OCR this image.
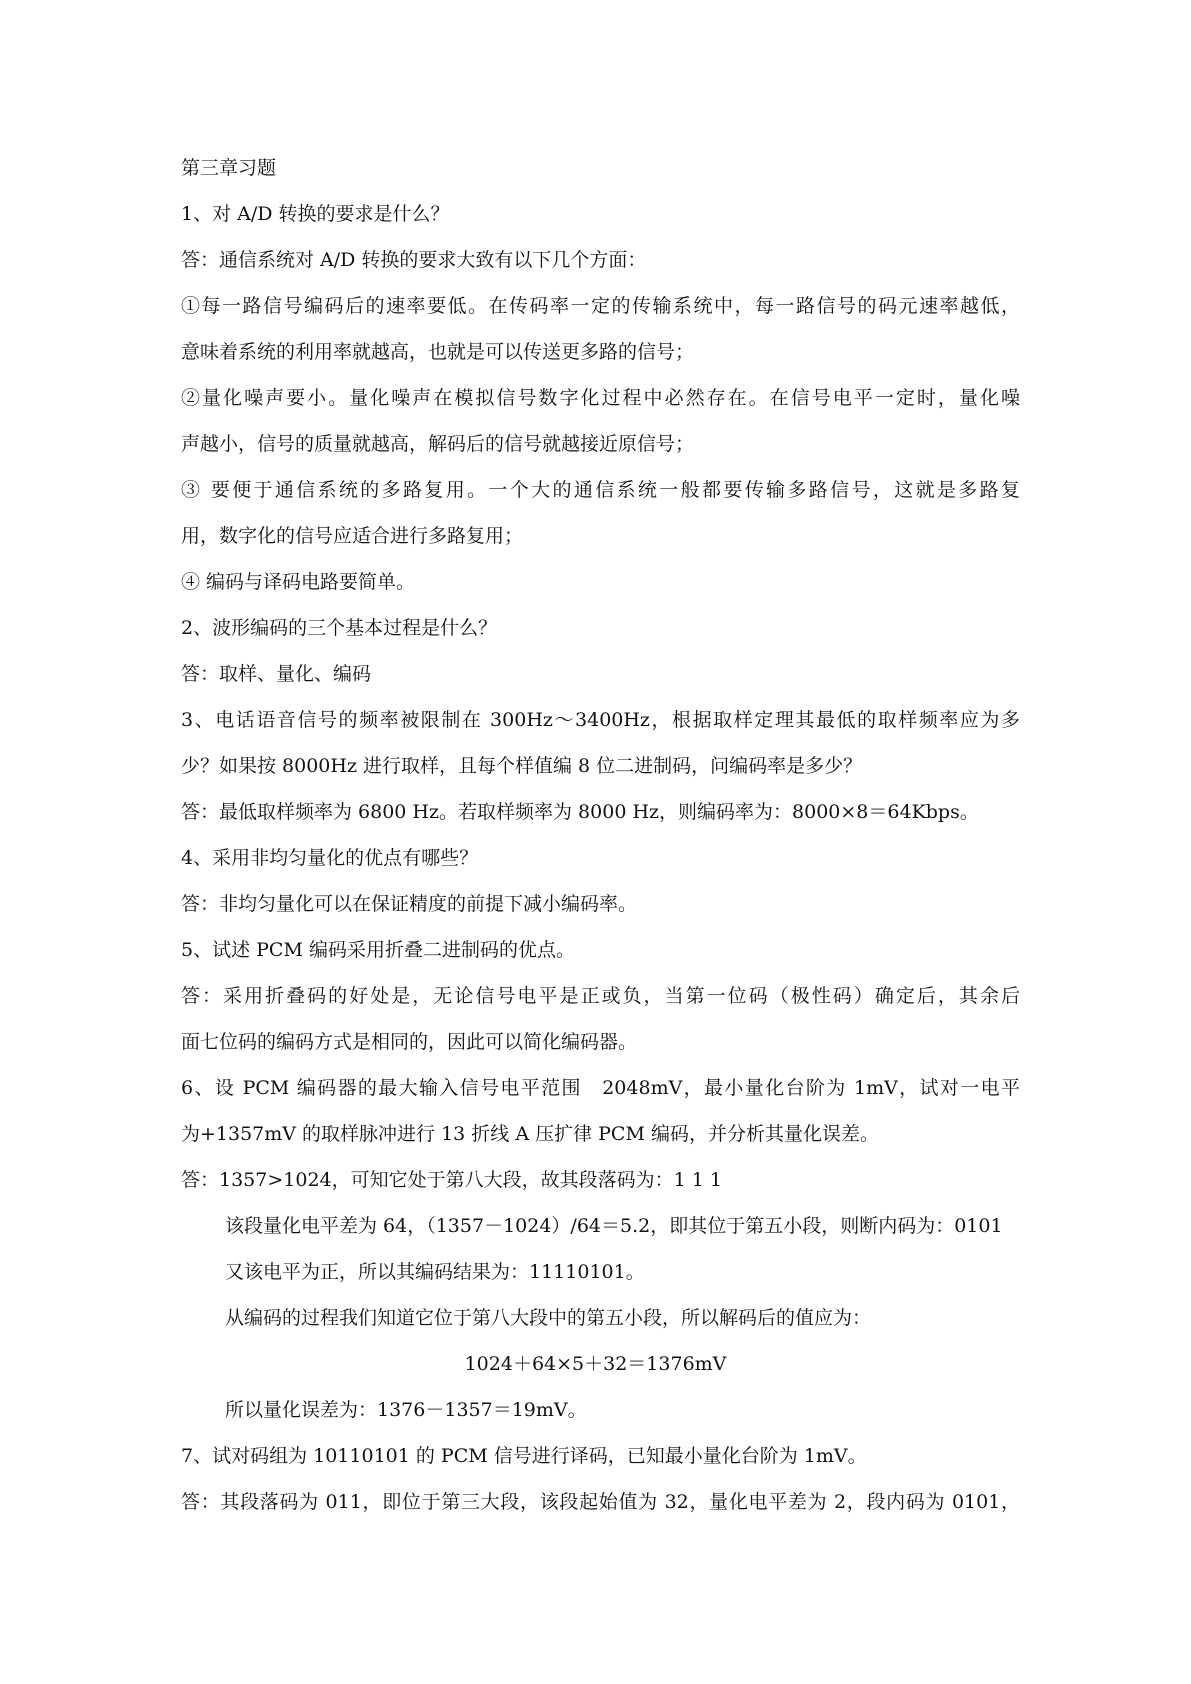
第三章习题
1、对 A/D 转换的要求是什么？
答：通信系统对 A/D 转换的要求大致有以下几个方面：
①每一路信号编码后的速率要低。在传码率一定的传输系统中，每一路信号的码元速率越低，
意味着系统的利用率就越高，也就是可以传送更多路的信号；
②量化噪声要小。量化噪声在模拟信号数字化过程中必然存在。在信号电平一定时，量化噪
声越小，信号的质量就越高，解码后的信号就越接近原信号；
③ 要便于通信系统的多路复用。一个大的通信系统一般都要传输多路信号，这就是多路复
用，数字化的信号应适合进行多路复用；
④ 编码与译码电路要简单。
2、波形编码的三个基本过程是什么？
答：取样、量化、编码
3、电话语音信号的频率被限制在 300Hz～3400Hz，根据取样定理其最低的取样频率应为多
少？如果按 8000Hz 进行取样，且每个样值编 8 位二进制码，问编码率是多少？
答：最低取样频率为 6800 Hz。若取样频率为 8000 Hz，则编码率为：8000×8＝64Kbps。
4、采用非均匀量化的优点有哪些？
答：非均匀量化可以在保证精度的前提下减小编码率。
5、试述 PCM 编码采用折叠二进制码的优点。
答：采用折叠码的好处是，无论信号电平是正或负，当第一位码（极性码）确定后，其余后
面七位码的编码方式是相同的，因此可以简化编码器。
6、设 PCM 编码器的最大输入信号电平范围　2048mV，最小量化台阶为 1mV，试对一电平
为+1357mV 的取样脉冲进行 13 折线 A 压扩律 PCM 编码，并分析其量化误差。
答：1357>1024，可知它处于第八大段，故其段落码为：1 1 1
该段量化电平差为 64，（1357－1024）/64＝5.2，即其位于第五小段，则断内码为：0101
又该电平为正，所以其编码结果为：11110101。
从编码的过程我们知道它位于第八大段中的第五小段，所以解码后的值应为：
1024＋64×5＋32＝1376mV
所以量化误差为：1376－1357＝19mV。
7、试对码组为 10110101 的 PCM 信号进行译码，已知最小量化台阶为 1mV。
答：其段落码为 011，即位于第三大段，该段起始值为 32，量化电平差为 2，段内码为 0101，
